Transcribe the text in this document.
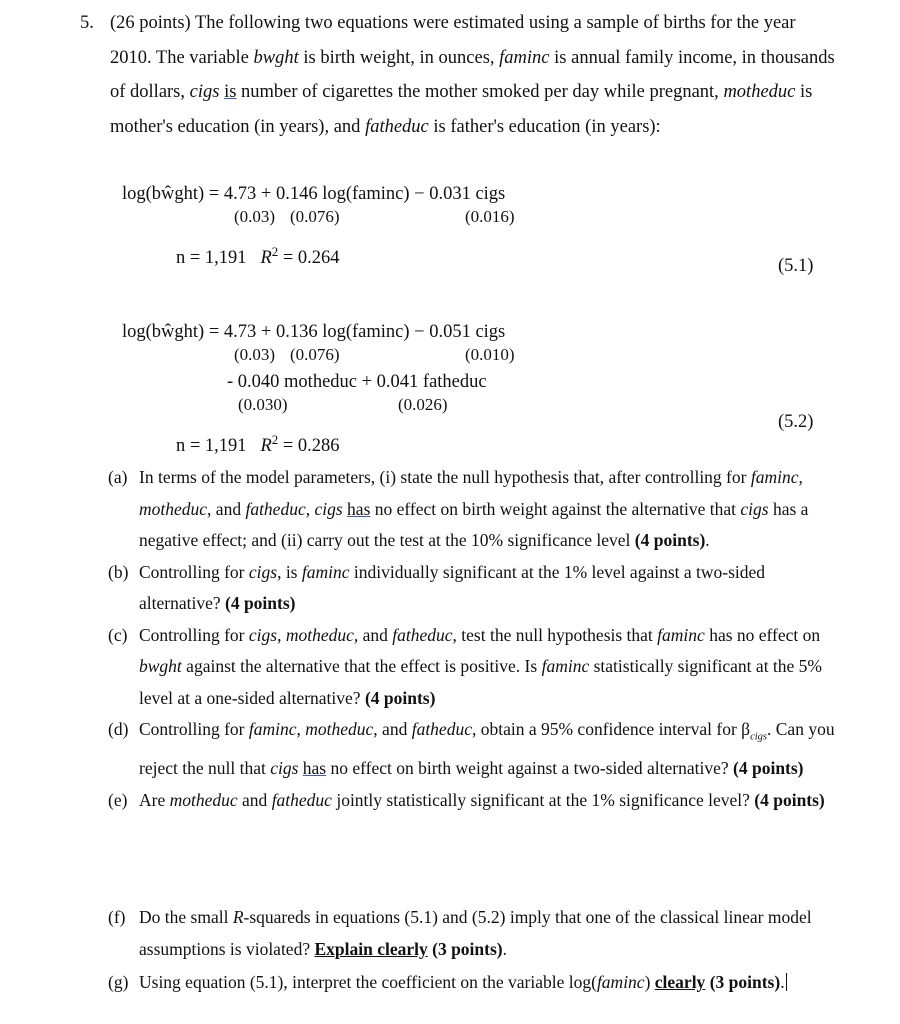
5. (26 points) The following two equations were estimated using a sample of births for the year 2010. The variable bwght is birth weight, in ounces, faminc is annual family income, in thousands of dollars, cigs is number of cigarettes the mother smoked per day while pregnant, motheduc is mother's education (in years), and fatheduc is father's education (in years):
log(bŵght) = 4.73 + 0.146 log(faminc) − 0.031 cigs
(0.03) (0.076)	(0.016)
n = 1,191 $R^2 = 0.264$	(5.1)
log(bŵght) = 4.73 + 0.136 log(faminc) − 0.051 cigs
(0.03) (0.076)	(0.010)
- 0.040 motheduc + 0.041 fatheduc
(0.030)	(0.026)
(5.2)
n = 1,191 $R^2 = 0.286$
(a) In terms of the model parameters, (i) state the null hypothesis that, after controlling for faminc, motheduc, and fatheduc, cigs has no effect on birth weight against the alternative that cigs has a negative effect; and (ii) carry out the test at the 10% significance level (4 points).
(b) Controlling for cigs, is faminc individually significant at the 1% level against a two-sided alternative? (4 points)
(c) Controlling for cigs, motheduc, and fatheduc, test the null hypothesis that faminc has no effect on bwght against the alternative that the effect is positive. Is faminc statistically significant at the 5% level at a one-sided alternative? (4 points)
(d) Controlling for faminc, motheduc, and fatheduc, obtain a 95% confidence interval for $\beta_{cigs}$. Can you reject the null that cigs has no effect on birth weight against a two-sided alternative? (4 points)
(e) Are motheduc and fatheduc jointly statistically significant at the 1% significance level? (4 points)
(f) Do the small R-squareds in equations (5.1) and (5.2) imply that one of the classical linear model assumptions is violated? Explain clearly (3 points).
(g) Using equation (5.1), interpret the coefficient on the variable log(faminc) clearly (3 points).
